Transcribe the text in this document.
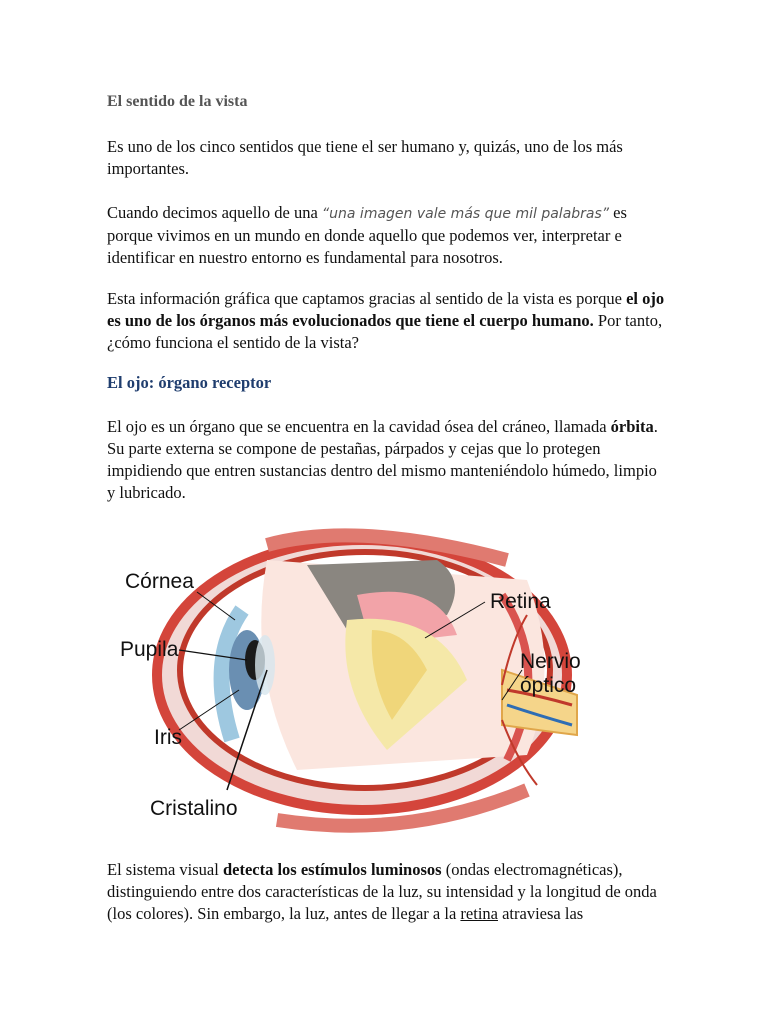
El sentido de la vista

Es uno de los cinco sentidos que tiene el ser humano y, quizás, uno de los más importantes.

Cuando decimos aquello de una “una imagen vale más que mil palabras” es porque vivimos en un mundo en donde aquello que podemos ver, interpretar e identificar en nuestro entorno es fundamental para nosotros.

Esta información gráfica que captamos gracias al sentido de la vista es porque el ojo es uno de los órganos más evolucionados que tiene el cuerpo humano. Por tanto, ¿cómo funciona el sentido de la vista?

El ojo: órgano receptor

El ojo es un órgano que se encuentra en la cavidad ósea del cráneo, llamada órbita. Su parte externa se compone de pestañas, párpados y cejas que lo protegen impidiendo que entren sustancias dentro del mismo manteniéndolo húmedo, limpio y lubricado.

Córnea
Pupila
Iris
Cristalino
Retina
Nervio
óptico

El sistema visual detecta los estímulos luminosos (ondas electromagnéticas), distinguiendo entre dos características de la luz, su intensidad y la longitud de onda (los colores). Sin embargo, la luz, antes de llegar a la retina atraviesa las
